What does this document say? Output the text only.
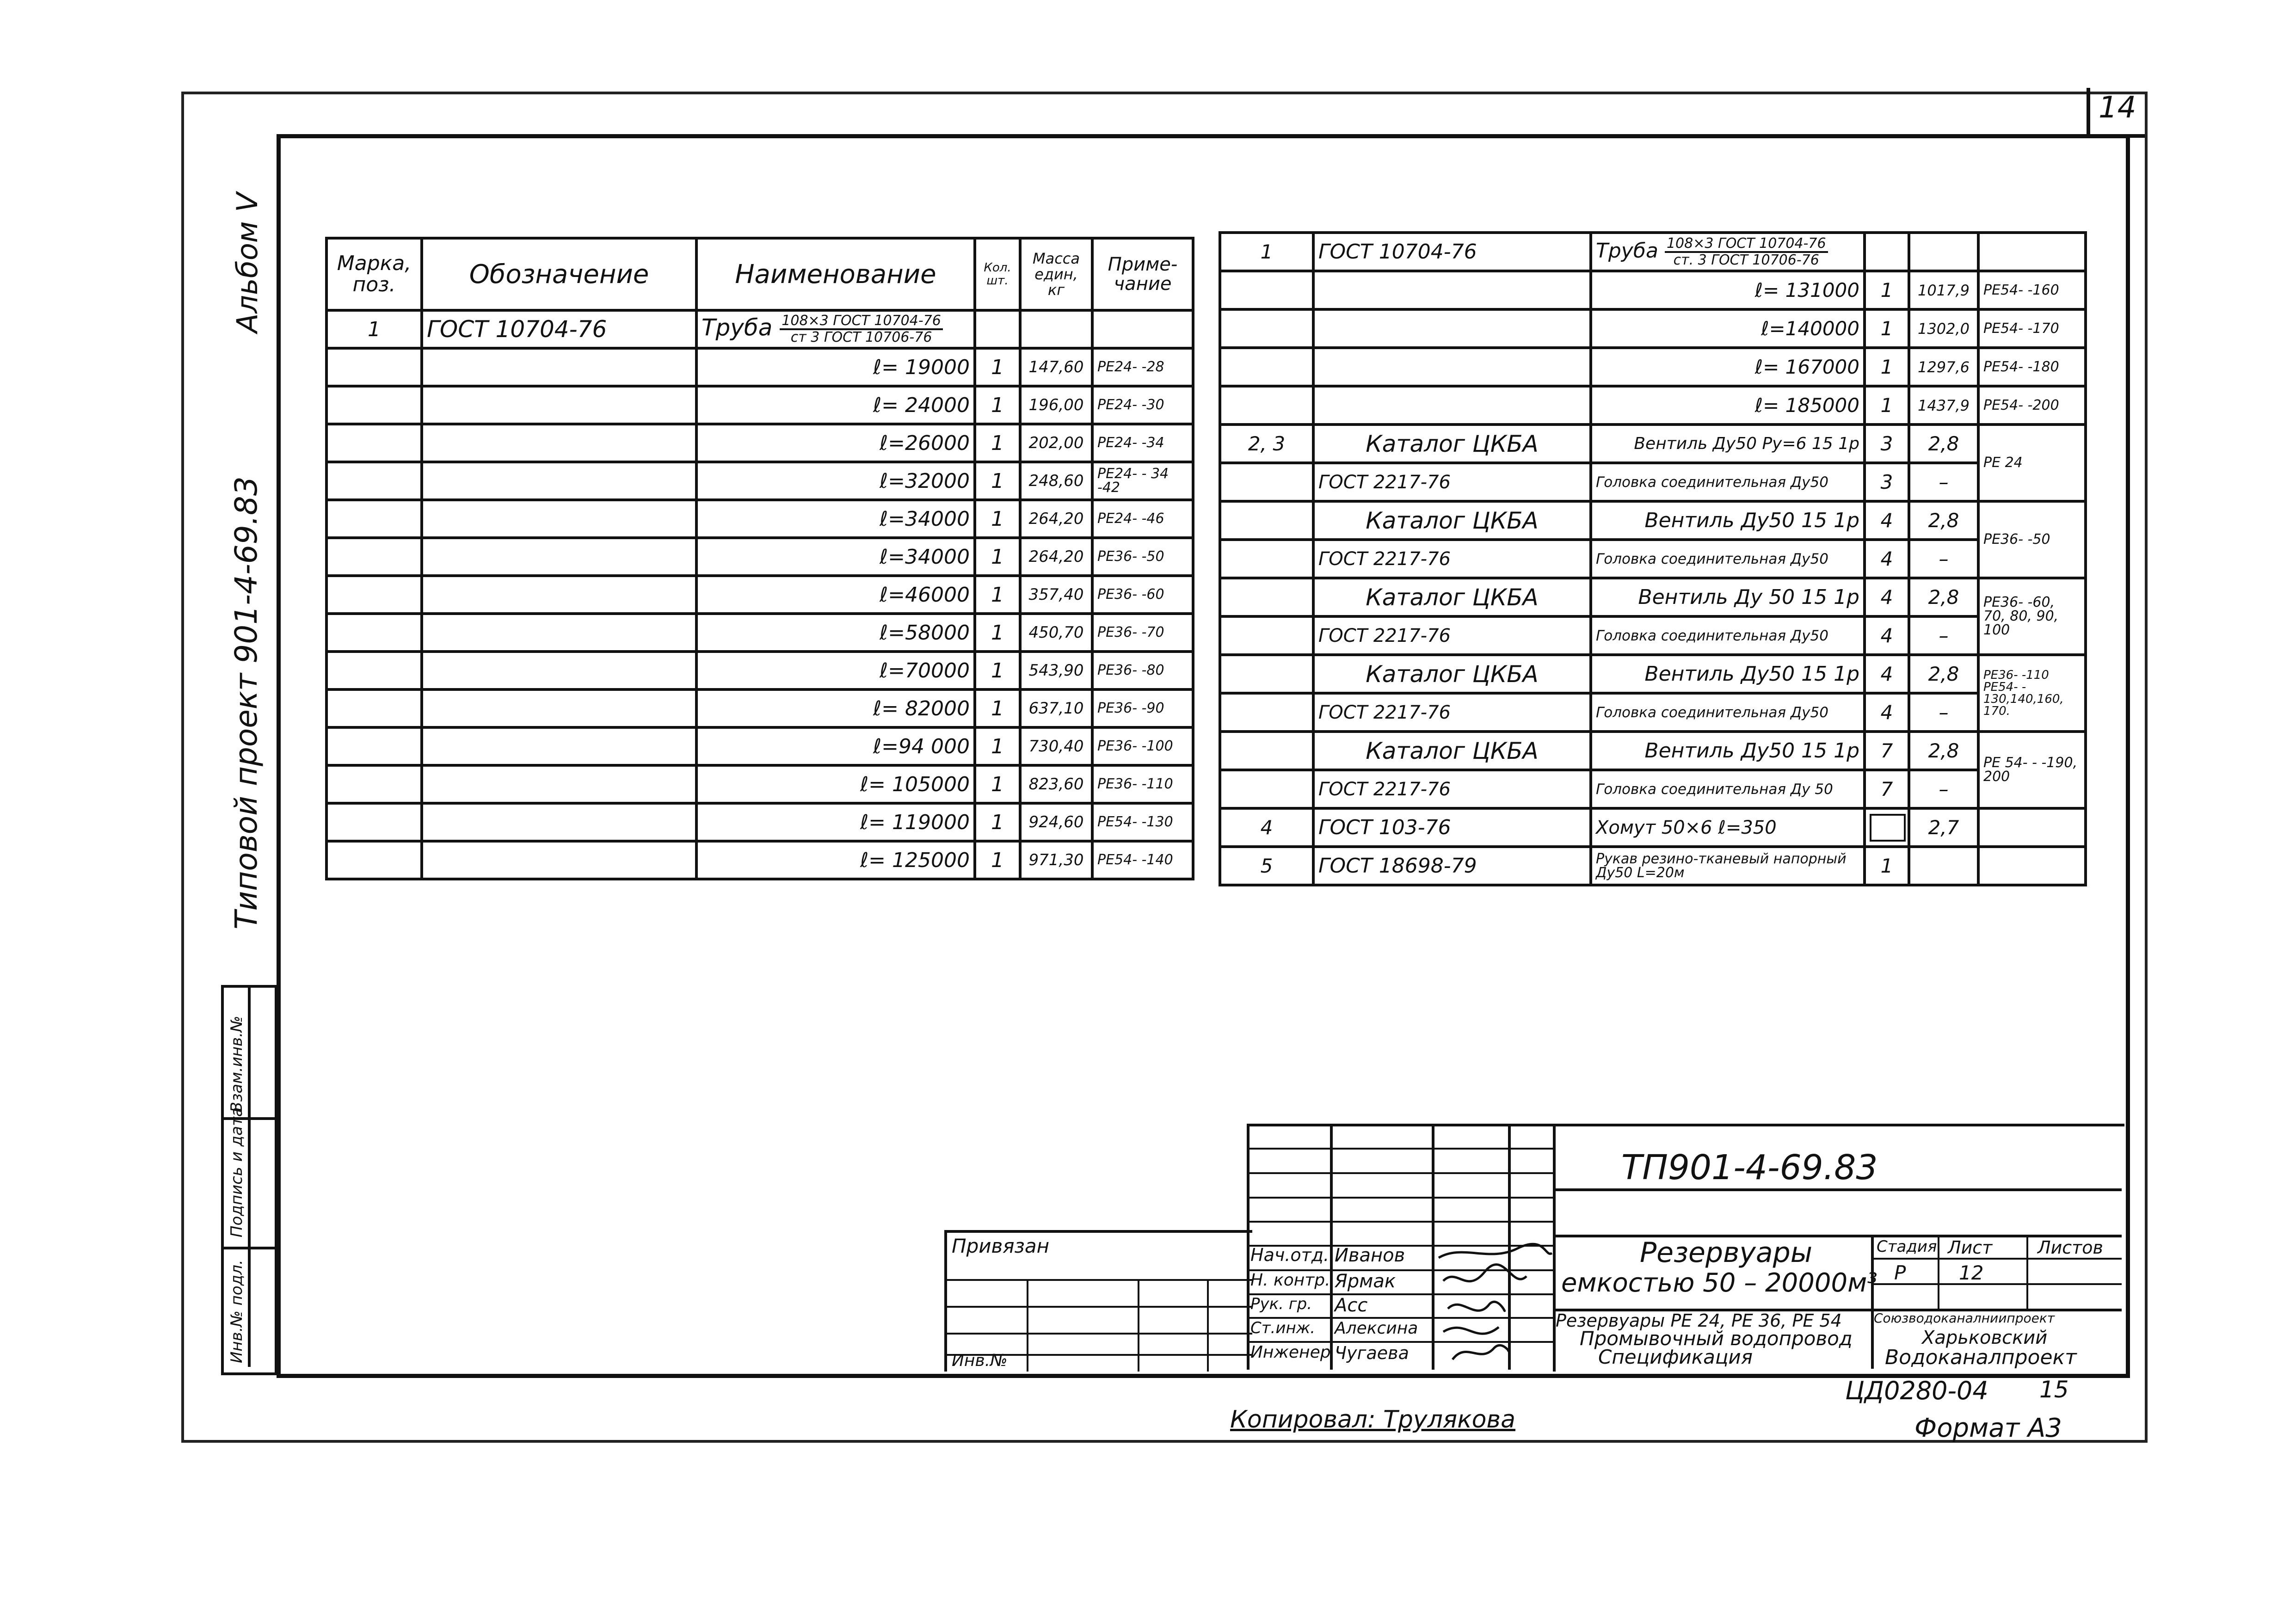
14
Альбом V
Типовой проект 901-4-69.83
Инв.№ подл.
Подпись и дата
Взам.инв.№
Марка, поз.	Обозначение	Наименование	Кол. шт.	Масса един, кг	Приме- чание
1	ГОСТ 10704-76	Труба $\frac{\text{108×3 ГОСТ 10704-76}}{\text{ст 3 ГОСТ 10706-76}}$

		ℓ= 19000	1	147,60	РЕ24- -28
		ℓ= 24000	1	196,00	РЕ24- -30
		ℓ=26000	1	202,00	РЕ24- -34
		ℓ=32000	1	248,60	РЕ24- - 34 -42
		ℓ=34000	1	264,20	РЕ24- -46
		ℓ=34000	1	264,20	РЕ36- -50
		ℓ=46000	1	357,40	РЕ36- -60
		ℓ=58000	1	450,70	РЕ36- -70
		ℓ=70000	1	543,90	РЕ36- -80
		ℓ= 82000	1	637,10	РЕ36- -90
		ℓ=94 000	1	730,40	РЕ36- -100
		ℓ= 105000	1	823,60	РЕ36- -110
		ℓ= 119000	1	924,60	РЕ54- -130
		ℓ= 125000	1	971,30	РЕ54- -140
1	ГОСТ 10704-76	Труба $\frac{\text{108×3 ГОСТ 10704-76}}{\text{ст. 3 ГОСТ 10706-76}}$

		ℓ= 131000	1	1017,9	РЕ54- -160
		ℓ=140000	1	1302,0	РЕ54- -170
		ℓ= 167000	1	1297,6	РЕ54- -180
		ℓ= 185000	1	1437,9	РЕ54- -200
2, 3	Каталог ЦКБА	Вентиль Ду50 Ру=6 15 1р	3	2,8	РЕ 24
	ГОСТ 2217-76	Головка соединительная Ду50	3	–	
	Каталог ЦКБА	Вентиль Ду50 15 1р	4	2,8	РЕ36- -50
	ГОСТ 2217-76	Головка соединительная Ду50	4	–	
	Каталог ЦКБА	Вентиль Ду 50 15 1р	4	2,8	РЕ36- -60, 70, 80, 90, 100
	ГОСТ 2217-76	Головка соединительная Ду50	4	–	
	Каталог ЦКБА	Вентиль Ду50 15 1р	4	2,8	РЕ36- -110 РЕ54- - 130,140,160, 170.
	ГОСТ 2217-76	Головка соединительная Ду50	4	–	
	Каталог ЦКБА	Вентиль Ду50 15 1р	7	2,8	РЕ 54- - -190, 200
	ГОСТ 2217-76	Головка соединительная Ду 50	7	–	
4	ГОСТ 103-76	Хомут 50×6 ℓ=350		2,7	
5	ГОСТ 18698-79	Рукав резино-тканевый напорный Ду50 L=20м	1		
ТП901-4-69.83
Нач.отд. Иванов
Н. контр. Ярмак
Рук. гр. Асс
Ст.инж. Алексина
Инженер Чугаева
Резервуары
емкостью 50 – 20000м³
Стадия Лист	Листов
Р	12
Резервуары РЕ 24, РЕ 36, РЕ 54
Промывочный водопровод
Спецификация
Союзводоканалниипроект
Харьковский
Водоканалпроект
Привязан
Инв.№
ЦД0280-04 15
Копировал: Трулякова	Формат А3
